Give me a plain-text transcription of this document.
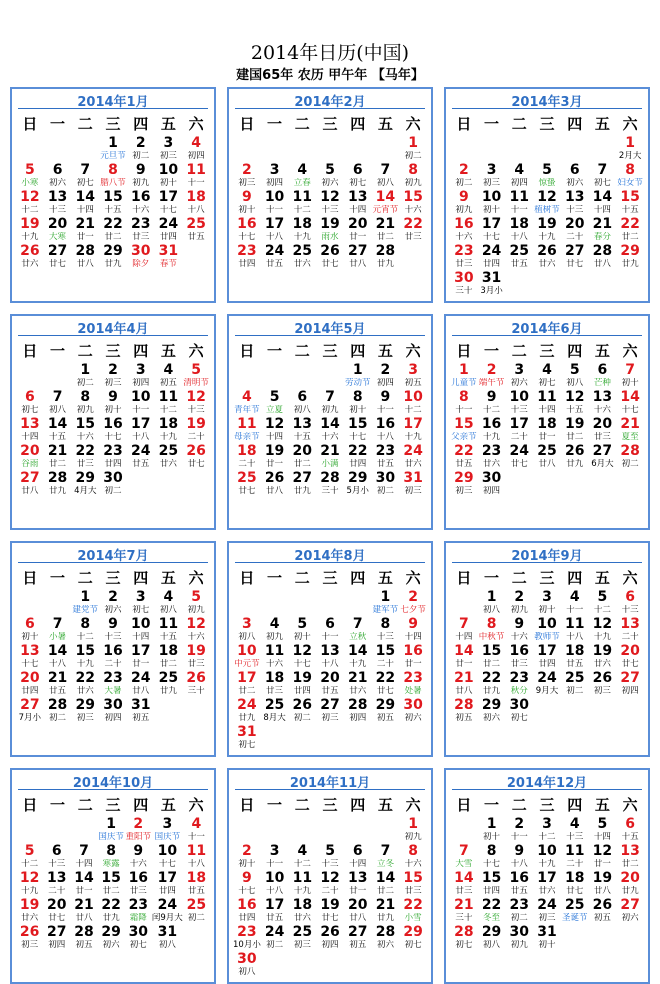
2014年日历(中国)
建国65年 农历 甲午年 【马年】
2014年1月
日 一 二 三 四 五 六
1
元旦节
2
初二
3
初三
4
初四
5
小寒
6
初六
7
初七
8
腊八节
9
初九
10
初十
11
十一
12
十二
13
十三
14
十四
15
十五
16
十六
17
十七
18
十八
19
十九
20
大寒
21
廿一
22
廿二
23
廿三
24
廿四
25
廿五
26
廿六
27
廿七
28
廿八
29
廿九
30
除夕
31
春节
2014年2月
日 一 二 三 四 五 六
1
初二
2
初三
3
初四
4
立春
5
初六
6
初七
7
初八
8
初九
9
初十
10
十一
11
十二
12
十三
13
十四
14
元宵节
15
十六
16
十七
17
十八
18
十九
19
雨水
20
廿一
21
廿二
22
廿三
23
廿四
24
廿五
25
廿六
26
廿七
27
廿八
28
廿九
2014年3月
日 一 二 三 四 五 六
1
2月大
2
初二
3
初三
4
初四
5
惊蛰
6
初六
7
初七
8
妇女节
9
初九
10
初十
11
十一
12
植树节
13
十三
14
十四
15
十五
16
十六
17
十七
18
十八
19
十九
20
二十
21
春分
22
廿二
23
廿三
24
廿四
25
廿五
26
廿六
27
廿七
28
廿八
29
廿九
30
三十
31
3月小
2014年4月
日 一 二 三 四 五 六
1
初二
2
初三
3
初四
4
初五
5
清明节
6
初七
7
初八
8
初九
9
初十
10
十一
11
十二
12
十三
13
十四
14
十五
15
十六
16
十七
17
十八
18
十九
19
二十
20
谷雨
21
廿二
22
廿三
23
廿四
24
廿五
25
廿六
26
廿七
27
廿八
28
廿九
29
4月大
30
初二
2014年5月
日 一 二 三 四 五 六
1
劳动节
2
初四
3
初五
4
青年节
5
立夏
6
初八
7
初九
8
初十
9
十一
10
十二
11
母亲节
12
十四
13
十五
14
十六
15
十七
16
十八
17
十九
18
二十
19
廿一
20
廿二
21
小满
22
廿四
23
廿五
24
廿六
25
廿七
26
廿八
27
廿九
28
三十
29
5月小
30
初二
31
初三
2014年6月
日 一 二 三 四 五 六
1
儿童节
2
端午节
3
初六
4
初七
5
初八
6
芒种
7
初十
8
十一
9
十二
10
十三
11
十四
12
十五
13
十六
14
十七
15
父亲节
16
十九
17
二十
18
廿一
19
廿二
20
廿三
21
夏至
22
廿五
23
廿六
24
廿七
25
廿八
26
廿九
27
6月大
28
初二
29
初三
30
初四
2014年7月
日 一 二 三 四 五 六
1
建党节
2
初六
3
初七
4
初八
5
初九
6
初十
7
小暑
8
十二
9
十三
10
十四
11
十五
12
十六
13
十七
14
十八
15
十九
16
二十
17
廿一
18
廿二
19
廿三
20
廿四
21
廿五
22
廿六
23
大暑
24
廿八
25
廿九
26
三十
27
7月小
28
初二
29
初三
30
初四
31
初五
2014年8月
日 一 二 三 四 五 六
1
建军节
2
七夕节
3
初八
4
初九
5
初十
6
十一
7
立秋
8
十三
9
十四
10
中元节
11
十六
12
十七
13
十八
14
十九
15
二十
16
廿一
17
廿二
18
廿三
19
廿四
20
廿五
21
廿六
22
廿七
23
处暑
24
廿九
25
8月大
26
初二
27
初三
28
初四
29
初五
30
初六
31
初七
2014年9月
日 一 二 三 四 五 六
1
初八
2
初九
3
初十
4
十一
5
十二
6
十三
7
十四
8
中秋节
9
十六
10
教师节
11
十八
12
十九
13
二十
14
廿一
15
廿二
16
廿三
17
廿四
18
廿五
19
廿六
20
廿七
21
廿八
22
廿九
23
秋分
24
9月大
25
初二
26
初三
27
初四
28
初五
29
初六
30
初七
2014年10月
日 一 二 三 四 五 六
1
国庆节
2
重阳节
3
国庆节
4
十一
5
十二
6
十三
7
十四
8
寒露
9
十六
10
十七
11
十八
12
十九
13
二十
14
廿一
15
廿二
16
廿三
17
廿四
18
廿五
19
廿六
20
廿七
21
廿八
22
廿九
23
霜降
24
闰9月大
25
初二
26
初三
27
初四
28
初五
29
初六
30
初七
31
初八
2014年11月
日 一 二 三 四 五 六
1
初九
2
初十
3
十一
4
十二
5
十三
6
十四
7
立冬
8
十六
9
十七
10
十八
11
十九
12
二十
13
廿一
14
廿二
15
廿三
16
廿四
17
廿五
18
廿六
19
廿七
20
廿八
21
廿九
22
小雪
23
10月小
24
初二
25
初三
26
初四
27
初五
28
初六
29
初七
30
初八
2014年12月
日 一 二 三 四 五 六
1
初十
2
十一
3
十二
4
十三
5
十四
6
十五
7
大雪
8
十七
9
十八
10
十九
11
二十
12
廿一
13
廿二
14
廿三
15
廿四
16
廿五
17
廿六
18
廿七
19
廿八
20
廿九
21
三十
22
冬至
23
初二
24
初三
25
圣诞节
26
初五
27
初六
28
初七
29
初八
30
初九
31
初十
